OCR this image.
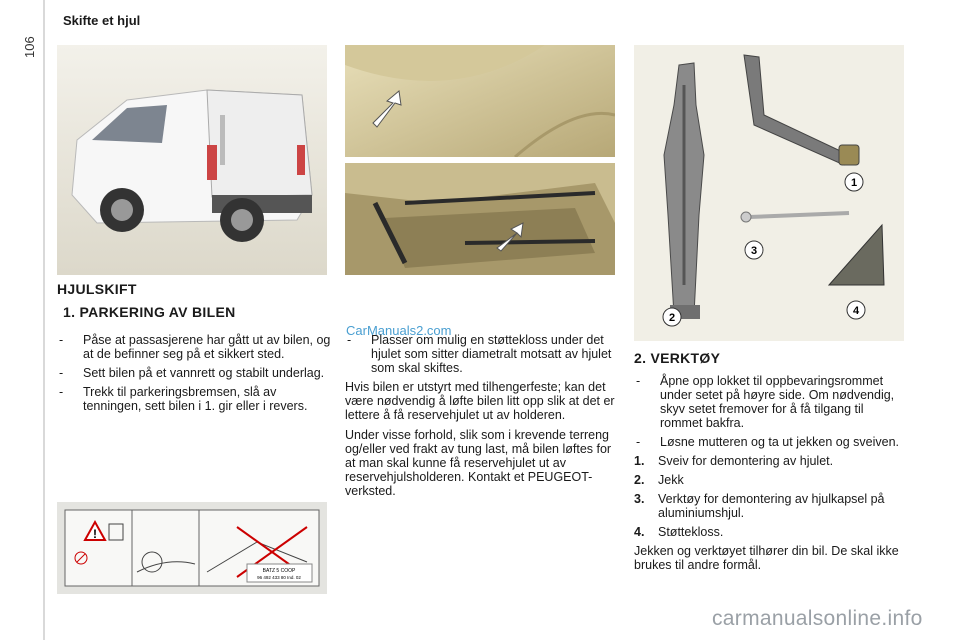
106
Skifte et hjul
1
2
3
4
!
BATZ 5 COOP
96 492 433 80 Ind. 02
HJULSKIFT
1. PARKERING AV BILEN
- Påse at passasjerene har gått ut av bilen, og at de befinner seg på et sikkert sted.
- Sett bilen på et vannrett og stabilt underlag.
- Trekk til parkeringsbremsen, slå av tenningen, sett bilen i 1. gir eller i revers.
CarManuals2.com
- Plasser om mulig en støttekloss under det hjulet som sitter diametralt motsatt av hjulet som skal skiftes.

Hvis bilen er utstyrt med tilhengerfeste; kan det være nødvendig å løfte bilen litt opp slik at det er lettere å få reservehjulet ut av holderen.

Under visse forhold, slik som i krevende terreng og/eller ved frakt av tung last, må bilen løftes for at man skal kunne få reservehjulet ut av reservehjulsholderen. Kontakt et PEUGEOT-verksted.

2. VERKTØY
- Åpne opp lokket til oppbevaringsrommet under setet på høyre side. Om nødvendig, skyv setet fremover for å få tilgang til rommet bakfra.
- Løsne mutteren og ta ut jekken og sveiven.
1. Sveiv for demontering av hjulet.
2. Jekk
3. Verktøy for demontering av hjulkapsel på aluminiumshjul.
4. Støttekloss.

Jekken og verktøyet tilhører din bil. De skal ikke brukes til andre formål.

carmanualsonline.info
